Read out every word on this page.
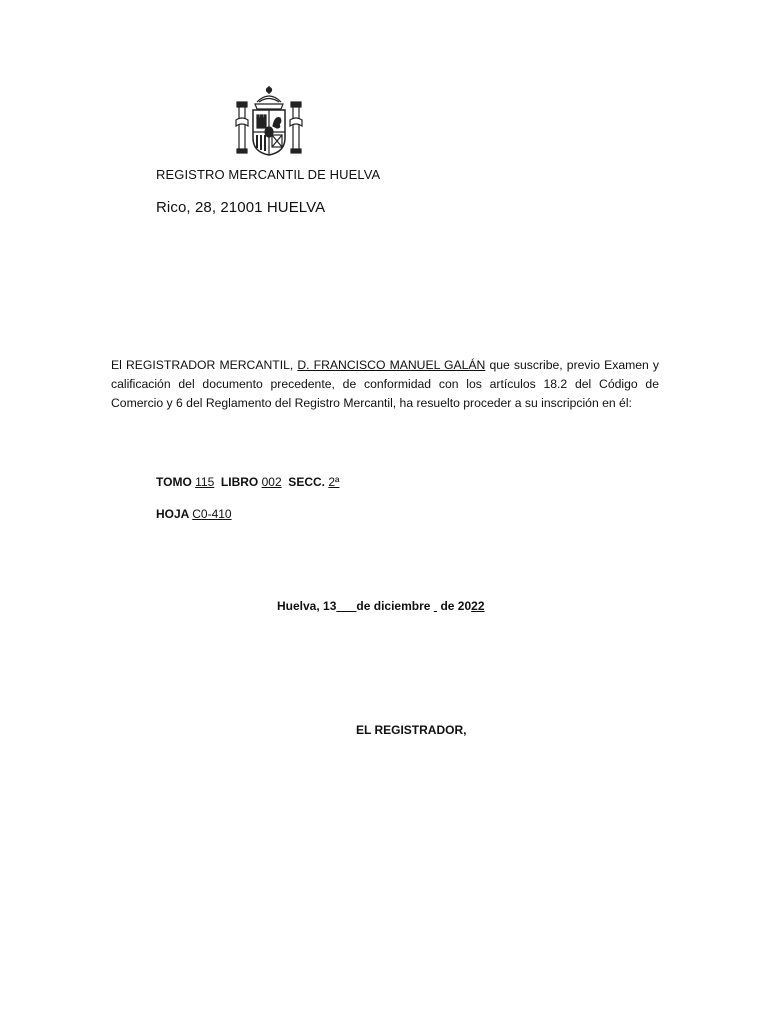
REGISTRO MERCANTIL DE HUELVA
Rico, 28, 21001 HUELVA
El REGISTRADOR MERCANTIL, D. FRANCISCO MANUEL GALÁN que suscribe, previo Examen y calificación del documento precedente, de conformidad con los artículos 18.2 del Código de Comercio y 6 del Reglamento del Registro Mercantil, ha resuelto proceder a su inscripción en él:
TOMO 115  LIBRO 002  SECC. 2ª
HOJA C0-410
Huelva, 13___de diciembre   de 2022
EL REGISTRADOR,
